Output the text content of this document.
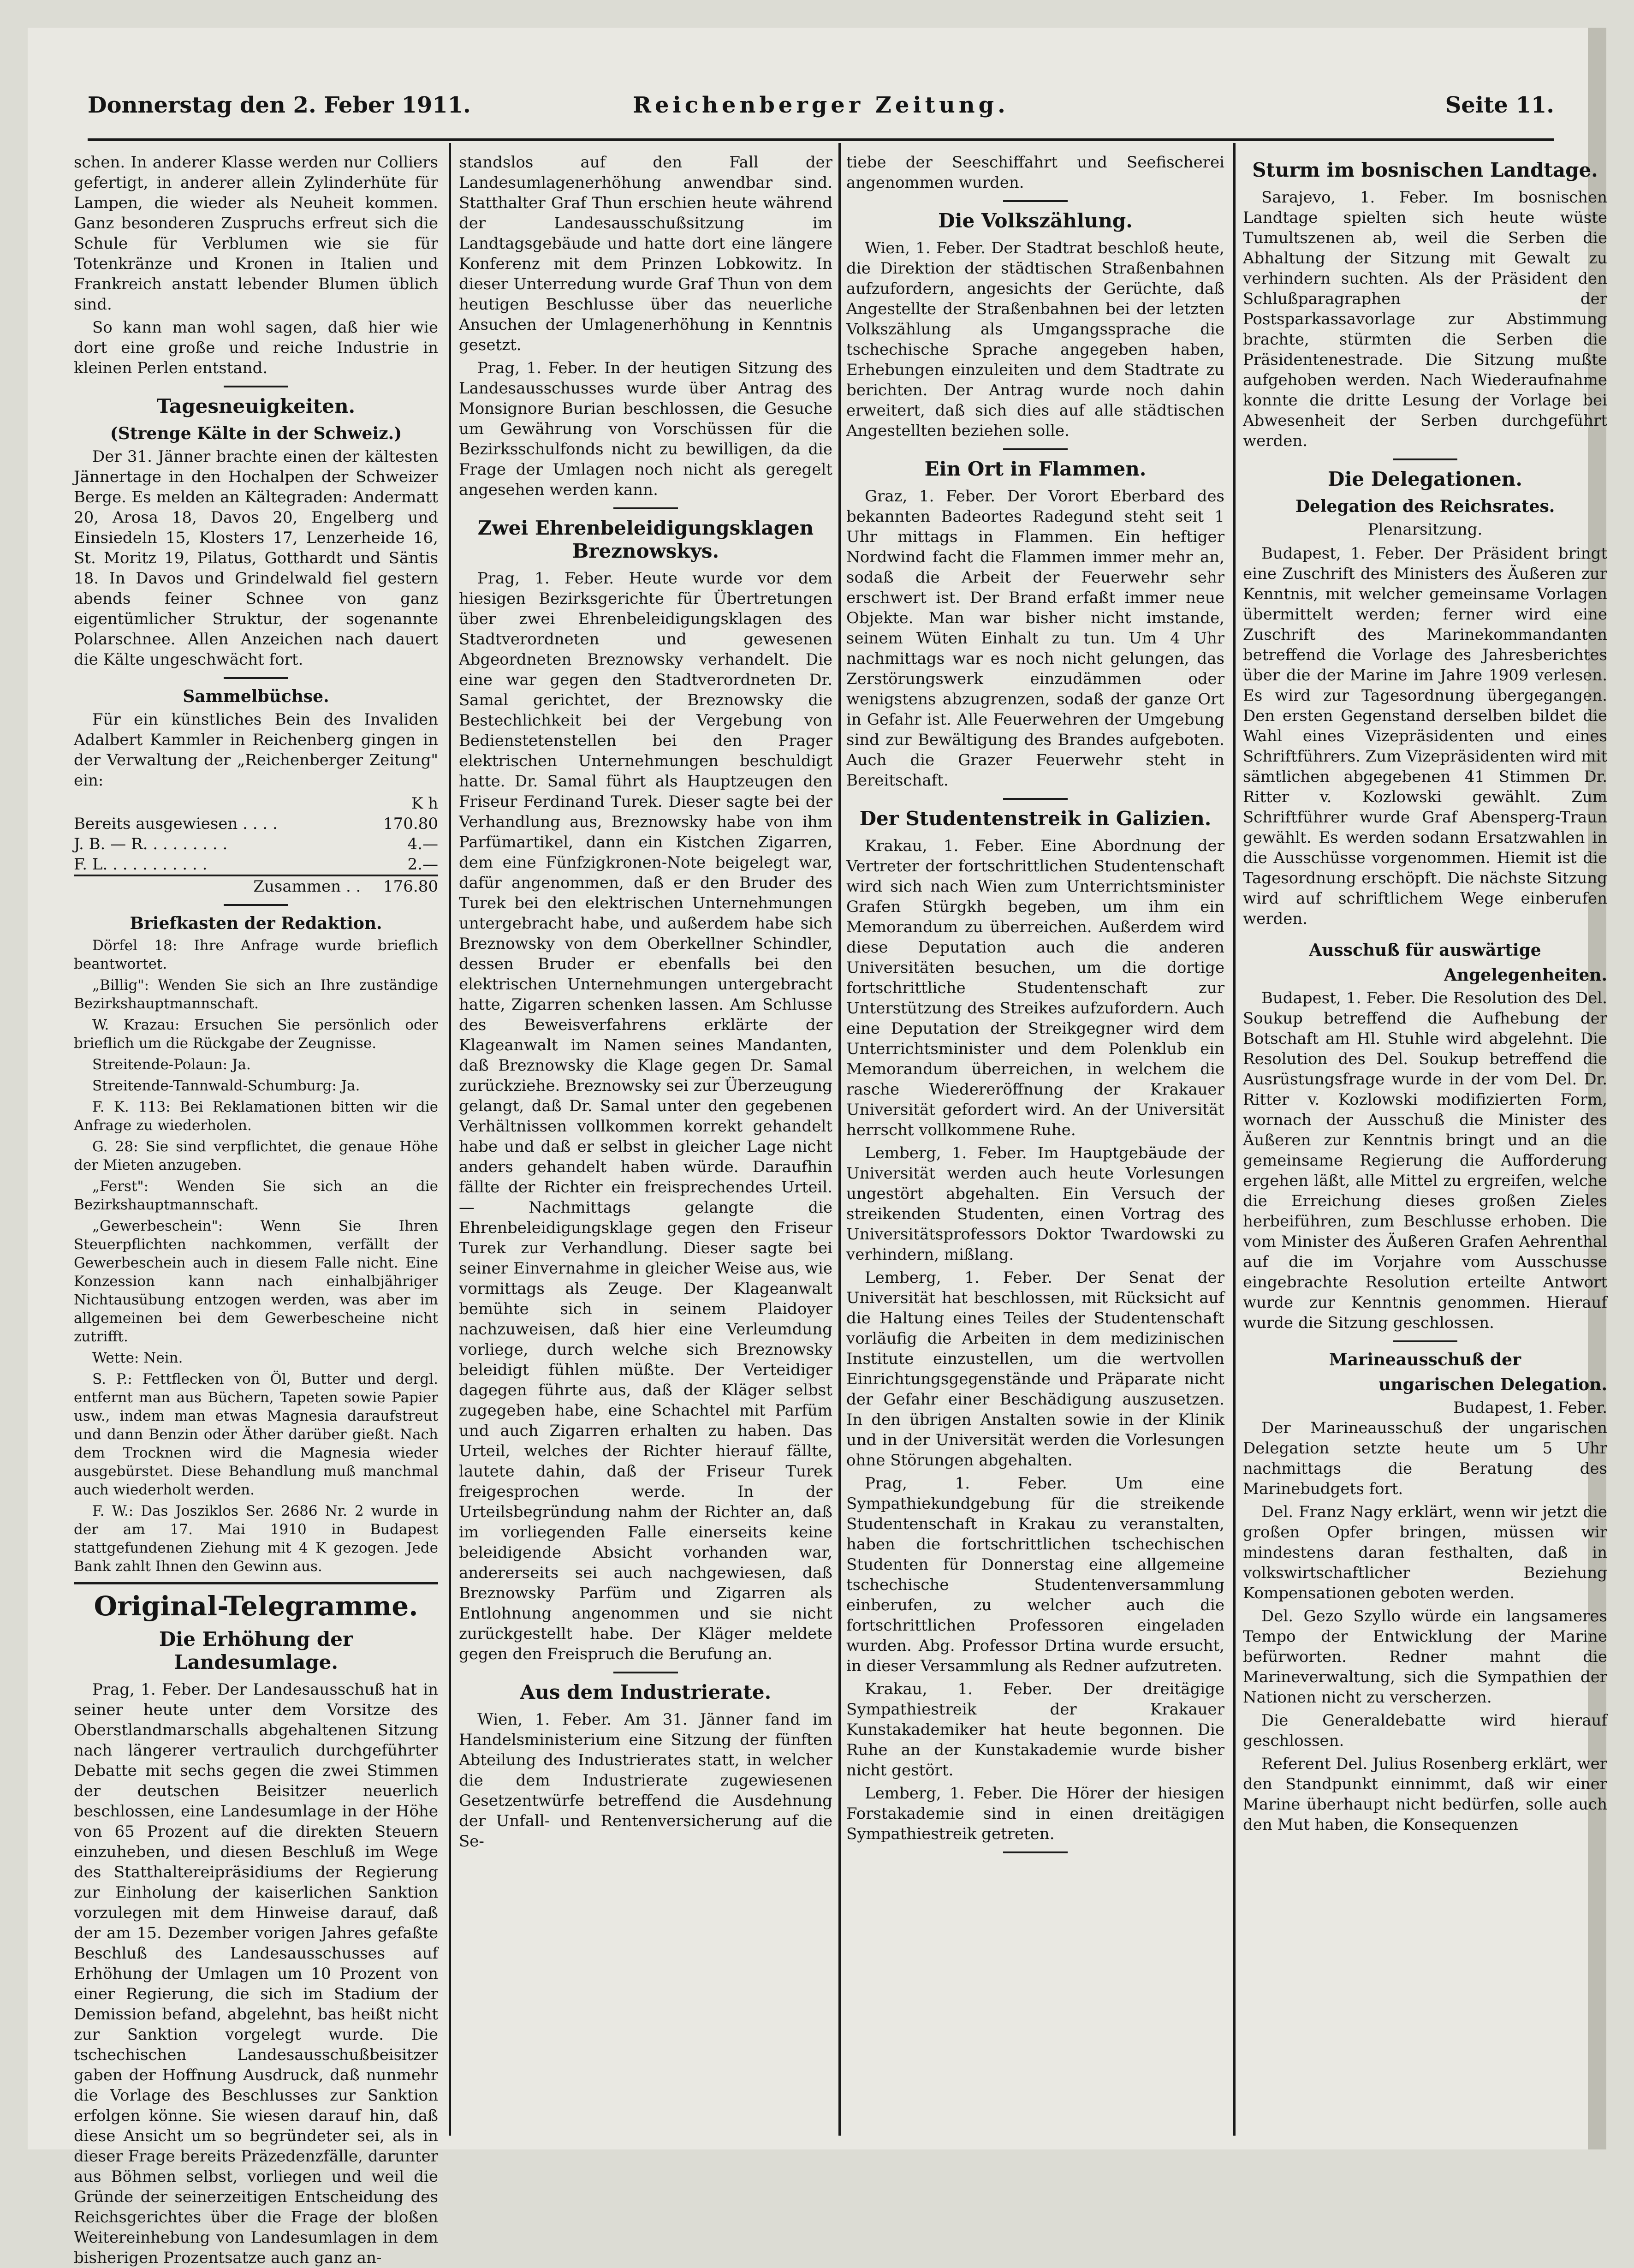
Donnerstag den 2. Feber 1911.	Reichenberger Zeitung.	Seite 11.

schen. In anderer Klasse werden nur Colliers gefertigt, in anderer allein Zylinderhüte für Lampen, die wieder als Neuheit kommen. Ganz besonderen Zuspruchs erfreut sich die Schule für Verblumen wie sie für Totenkränze und Kronen in Italien und Frankreich anstatt lebender Blumen üblich sind.

So kann man wohl sagen, daß hier wie dort eine große und reiche Industrie in kleinen Perlen entstand.

Tagesneuigkeiten.
(Strenge Kälte in der Schweiz.)

Der 31. Jänner brachte einen der kältesten Jännertage in den Hochalpen der Schweizer Berge. Es melden an Kältegraden: Andermatt 20, Arosa 18, Davos 20, Engelberg und Einsiedeln 15, Klosters 17, Lenzerheide 16, St. Moritz 19, Pilatus, Gotthardt und Säntis 18. In Davos und Grindelwald fiel gestern abends feiner Schnee von ganz eigentümlicher Struktur, der sogenannte Polarschnee. Allen Anzeichen nach dauert die Kälte ungeschwächt fort.

Sammelbüchse.

Für ein künstliches Bein des Invaliden Adalbert Kammler in Reichenberg gingen in der Verwaltung der „Reichenberger Zeitung" ein:

	K h
Bereits ausgewiesen . . . .	170.80
J. B. — R. . . . . . . . .	4.—
F. L. . . . . . . . . . .	2.—
Zusammen . .	176.80
Briefkasten der Redaktion.

Dörfel 18: Ihre Anfrage wurde brieflich beantwortet.

„Billig": Wenden Sie sich an Ihre zuständige Bezirkshauptmannschaft.

W. Krazau: Ersuchen Sie persönlich oder brieflich um die Rückgabe der Zeugnisse.

Streitende-Polaun: Ja.

Streitende-Tannwald-Schumburg: Ja.

F. K. 113: Bei Reklamationen bitten wir die Anfrage zu wiederholen.

G. 28: Sie sind verpflichtet, die genaue Höhe der Mieten anzugeben.

„Ferst": Wenden Sie sich an die Bezirkshauptmannschaft.

„Gewerbeschein": Wenn Sie Ihren Steuerpflichten nachkommen, verfällt der Gewerbeschein auch in diesem Falle nicht. Eine Konzession kann nach einhalbjähriger Nichtausübung entzogen werden, was aber im allgemeinen bei dem Gewerbescheine nicht zutrifft.

Wette: Nein.

S. P.: Fettflecken von Öl, Butter und dergl. entfernt man aus Büchern, Tapeten sowie Papier usw., indem man etwas Magnesia daraufstreut und dann Benzin oder Äther darüber gießt. Nach dem Trocknen wird die Magnesia wieder ausgebürstet. Diese Behandlung muß manchmal auch wiederholt werden.

F. W.: Das Josziklos Ser. 2686 Nr. 2 wurde in der am 17. Mai 1910 in Budapest stattgefundenen Ziehung mit 4 K gezogen. Jede Bank zahlt Ihnen den Gewinn aus.

Original-Telegramme.
Die Erhöhung der Landesumlage.

Prag, 1. Feber. Der Landesausschuß hat in seiner heute unter dem Vorsitze des Oberstlandmarschalls abgehaltenen Sitzung nach längerer vertraulich durchgeführter Debatte mit sechs gegen die zwei Stimmen der deutschen Beisitzer neuerlich beschlossen, eine Landesumlage in der Höhe von 65 Prozent auf die direkten Steuern einzuheben, und diesen Beschluß im Wege des Statthaltereipräsidiums der Regierung zur Einholung der kaiserlichen Sanktion vorzulegen mit dem Hinweise darauf, daß der am 15. Dezember vorigen Jahres gefaßte Beschluß des Landesausschusses auf Erhöhung der Umlagen um 10 Prozent von einer Regierung, die sich im Stadium der Demission befand, abgelehnt, bas heißt nicht zur Sanktion vorgelegt wurde. Die tschechischen Landesausschußbeisitzer gaben der Hoffnung Ausdruck, daß nunmehr die Vorlage des Beschlusses zur Sanktion erfolgen könne. Sie wiesen darauf hin, daß diese Ansicht um so begründeter sei, als in dieser Frage bereits Präzedenzfälle, darunter aus Böhmen selbst, vorliegen und weil die Gründe der seinerzeitigen Entscheidung des Reichsgerichtes über die Frage der bloßen Weitereinhebung von Landesumlagen in dem bisherigen Prozentsatze auch ganz an-

standslos auf den Fall der Landesumlagenerhöhung anwendbar sind. Statthalter Graf Thun erschien heute während der Landesausschußsitzung im Landtagsgebäude und hatte dort eine längere Konferenz mit dem Prinzen Lobkowitz. In dieser Unterredung wurde Graf Thun von dem heutigen Beschlusse über das neuerliche Ansuchen der Umlagenerhöhung in Kenntnis gesetzt.

Prag, 1. Feber. In der heutigen Sitzung des Landesausschusses wurde über Antrag des Monsignore Burian beschlossen, die Gesuche um Gewährung von Vorschüssen für die Bezirksschulfonds nicht zu bewilligen, da die Frage der Umlagen noch nicht als geregelt angesehen werden kann.

Zwei Ehrenbeleidigungsklagen Breznowskys.

Prag, 1. Feber. Heute wurde vor dem hiesigen Bezirksgerichte für Übertretungen über zwei Ehrenbeleidigungsklagen des Stadtverordneten und gewesenen Abgeordneten Breznowsky verhandelt. Die eine war gegen den Stadtverordneten Dr. Samal gerichtet, der Breznowsky die Bestechlichkeit bei der Vergebung von Bedienstetenstellen bei den Prager elektrischen Unternehmungen beschuldigt hatte. Dr. Samal führt als Hauptzeugen den Friseur Ferdinand Turek. Dieser sagte bei der Verhandlung aus, Breznowsky habe von ihm Parfümartikel, dann ein Kistchen Zigarren, dem eine Fünfzigkronen-Note beigelegt war, dafür angenommen, daß er den Bruder des Turek bei den elektrischen Unternehmungen untergebracht habe, und außerdem habe sich Breznowsky von dem Oberkellner Schindler, dessen Bruder er ebenfalls bei den elektrischen Unternehmungen untergebracht hatte, Zigarren schenken lassen. Am Schlusse des Beweisverfahrens erklärte der Klageanwalt im Namen seines Mandanten, daß Breznowsky die Klage gegen Dr. Samal zurückziehe. Breznowsky sei zur Überzeugung gelangt, daß Dr. Samal unter den gegebenen Verhältnissen vollkommen korrekt gehandelt habe und daß er selbst in gleicher Lage nicht anders gehandelt haben würde. Daraufhin fällte der Richter ein freisprechendes Urteil. — Nachmittags gelangte die Ehrenbeleidigungsklage gegen den Friseur Turek zur Verhandlung. Dieser sagte bei seiner Einvernahme in gleicher Weise aus, wie vormittags als Zeuge. Der Klageanwalt bemühte sich in seinem Plaidoyer nachzuweisen, daß hier eine Verleumdung vorliege, durch welche sich Breznowsky beleidigt fühlen müßte. Der Verteidiger dagegen führte aus, daß der Kläger selbst zugegeben habe, eine Schachtel mit Parfüm und auch Zigarren erhalten zu haben. Das Urteil, welches der Richter hierauf fällte, lautete dahin, daß der Friseur Turek freigesprochen werde. In der Urteilsbegründung nahm der Richter an, daß im vorliegenden Falle einerseits keine beleidigende Absicht vorhanden war, andererseits sei auch nachgewiesen, daß Breznowsky Parfüm und Zigarren als Entlohnung angenommen und sie nicht zurückgestellt habe. Der Kläger meldete gegen den Freispruch die Berufung an.

Aus dem Industrierate.

Wien, 1. Feber. Am 31. Jänner fand im Handelsministerium eine Sitzung der fünften Abteilung des Industrierates statt, in welcher die dem Industrierate zugewiesenen Gesetzentwürfe betreffend die Ausdehnung der Unfall- und Rentenversicherung auf die Se-

tiebe der Seeschiffahrt und Seefischerei angenommen wurden.

Die Volkszählung.

Wien, 1. Feber. Der Stadtrat beschloß heute, die Direktion der städtischen Straßenbahnen aufzufordern, angesichts der Gerüchte, daß Angestellte der Straßenbahnen bei der letzten Volkszählung als Umgangssprache die tschechische Sprache angegeben haben, Erhebungen einzuleiten und dem Stadtrate zu berichten. Der Antrag wurde noch dahin erweitert, daß sich dies auf alle städtischen Angestellten beziehen solle.

Ein Ort in Flammen.

Graz, 1. Feber. Der Vorort Eberbard des bekannten Badeortes Radegund steht seit 1 Uhr mittags in Flammen. Ein heftiger Nordwind facht die Flammen immer mehr an, sodaß die Arbeit der Feuerwehr sehr erschwert ist. Der Brand erfaßt immer neue Objekte. Man war bisher nicht imstande, seinem Wüten Einhalt zu tun. Um 4 Uhr nachmittags war es noch nicht gelungen, das Zerstörungswerk einzudämmen oder wenigstens abzugrenzen, sodaß der ganze Ort in Gefahr ist. Alle Feuerwehren der Umgebung sind zur Bewältigung des Brandes aufgeboten. Auch die Grazer Feuerwehr steht in Bereitschaft.

Der Studentenstreik in Galizien.

Krakau, 1. Feber. Eine Abordnung der Vertreter der fortschrittlichen Studentenschaft wird sich nach Wien zum Unterrichtsminister Grafen Stürgkh begeben, um ihm ein Memorandum zu überreichen. Außerdem wird diese Deputation auch die anderen Universitäten besuchen, um die dortige fortschrittliche Studentenschaft zur Unterstützung des Streikes aufzufordern. Auch eine Deputation der Streikgegner wird dem Unterrichtsminister und dem Polenklub ein Memorandum überreichen, in welchem die rasche Wiedereröffnung der Krakauer Universität gefordert wird. An der Universität herrscht vollkommene Ruhe.

Lemberg, 1. Feber. Im Hauptgebäude der Universität werden auch heute Vorlesungen ungestört abgehalten. Ein Versuch der streikenden Studenten, einen Vortrag des Universitätsprofessors Doktor Twardowski zu verhindern, mißlang.

Lemberg, 1. Feber. Der Senat der Universität hat beschlossen, mit Rücksicht auf die Haltung eines Teiles der Studentenschaft vorläufig die Arbeiten in dem medizinischen Institute einzustellen, um die wertvollen Einrichtungsgegenstände und Präparate nicht der Gefahr einer Beschädigung auszusetzen. In den übrigen Anstalten sowie in der Klinik und in der Universität werden die Vorlesungen ohne Störungen abgehalten.

Prag, 1. Feber. Um eine Sympathiekundgebung für die streikende Studentenschaft in Krakau zu veranstalten, haben die fortschrittlichen tschechischen Studenten für Donnerstag eine allgemeine tschechische Studentenversammlung einberufen, zu welcher auch die fortschrittlichen Professoren eingeladen wurden. Abg. Professor Drtina wurde ersucht, in dieser Versammlung als Redner aufzutreten.

Krakau, 1. Feber. Der dreitägige Sympathiestreik der Krakauer Kunstakademiker hat heute begonnen. Die Ruhe an der Kunstakademie wurde bisher nicht gestört.

Lemberg, 1. Feber. Die Hörer der hiesigen Forstakademie sind in einen dreitägigen Sympathiestreik getreten.

Sturm im bosnischen Landtage.

Sarajevo, 1. Feber. Im bosnischen Landtage spielten sich heute wüste Tumultszenen ab, weil die Serben die Abhaltung der Sitzung mit Gewalt zu verhindern suchten. Als der Präsident den Schlußparagraphen der Postsparkassavorlage zur Abstimmung brachte, stürmten die Serben die Präsidentenestrade. Die Sitzung mußte aufgehoben werden. Nach Wiederaufnahme konnte die dritte Lesung der Vorlage bei Abwesenheit der Serben durchgeführt werden.

Die Delegationen.
Delegation des Reichsrates.
Plenarsitzung.

Budapest, 1. Feber. Der Präsident bringt eine Zuschrift des Ministers des Äußeren zur Kenntnis, mit welcher gemeinsame Vorlagen übermittelt werden; ferner wird eine Zuschrift des Marinekommandanten betreffend die Vorlage des Jahresberichtes über die der Marine im Jahre 1909 verlesen. Es wird zur Tagesordnung übergegangen. Den ersten Gegenstand derselben bildet die Wahl eines Vizepräsidenten und eines Schriftführers. Zum Vizepräsidenten wird mit sämtlichen abgegebenen 41 Stimmen Dr. Ritter v. Kozlowski gewählt. Zum Schriftführer wurde Graf Abensperg-Traun gewählt. Es werden sodann Ersatzwahlen in die Ausschüsse vorgenommen. Hiemit ist die Tagesordnung erschöpft. Die nächste Sitzung wird auf schriftlichem Wege einberufen werden.

Ausschuß für auswärtige
Angelegenheiten.

Budapest, 1. Feber. Die Resolution des Del. Soukup betreffend die Aufhebung der Botschaft am Hl. Stuhle wird abgelehnt. Die Resolution des Del. Soukup betreffend die Ausrüstungsfrage wurde in der vom Del. Dr. Ritter v. Kozlowski modifizierten Form, wornach der Ausschuß die Minister des Äußeren zur Kenntnis bringt und an die gemeinsame Regierung die Aufforderung ergehen läßt, alle Mittel zu ergreifen, welche die Erreichung dieses großen Zieles herbeiführen, zum Beschlusse erhoben. Die vom Minister des Äußeren Grafen Aehrenthal auf die im Vorjahre vom Ausschusse eingebrachte Resolution erteilte Antwort wurde zur Kenntnis genommen. Hierauf wurde die Sitzung geschlossen.

Marineausschuß der
ungarischen Delegation.
Budapest, 1. Feber.

Der Marineausschuß der ungarischen Delegation setzte heute um 5 Uhr nachmittags die Beratung des Marinebudgets fort.

Del. Franz Nagy erklärt, wenn wir jetzt die großen Opfer bringen, müssen wir mindestens daran festhalten, daß in volkswirtschaftlicher Beziehung Kompensationen geboten werden.

Del. Gezo Szyllo würde ein langsameres Tempo der Entwicklung der Marine befürworten. Redner mahnt die Marineverwaltung, sich die Sympathien der Nationen nicht zu verscherzen.

Die Generaldebatte wird hierauf geschlossen.

Referent Del. Julius Rosenberg erklärt, wer den Standpunkt einnimmt, daß wir einer Marine überhaupt nicht bedürfen, solle auch den Mut haben, die Konsequenzen
